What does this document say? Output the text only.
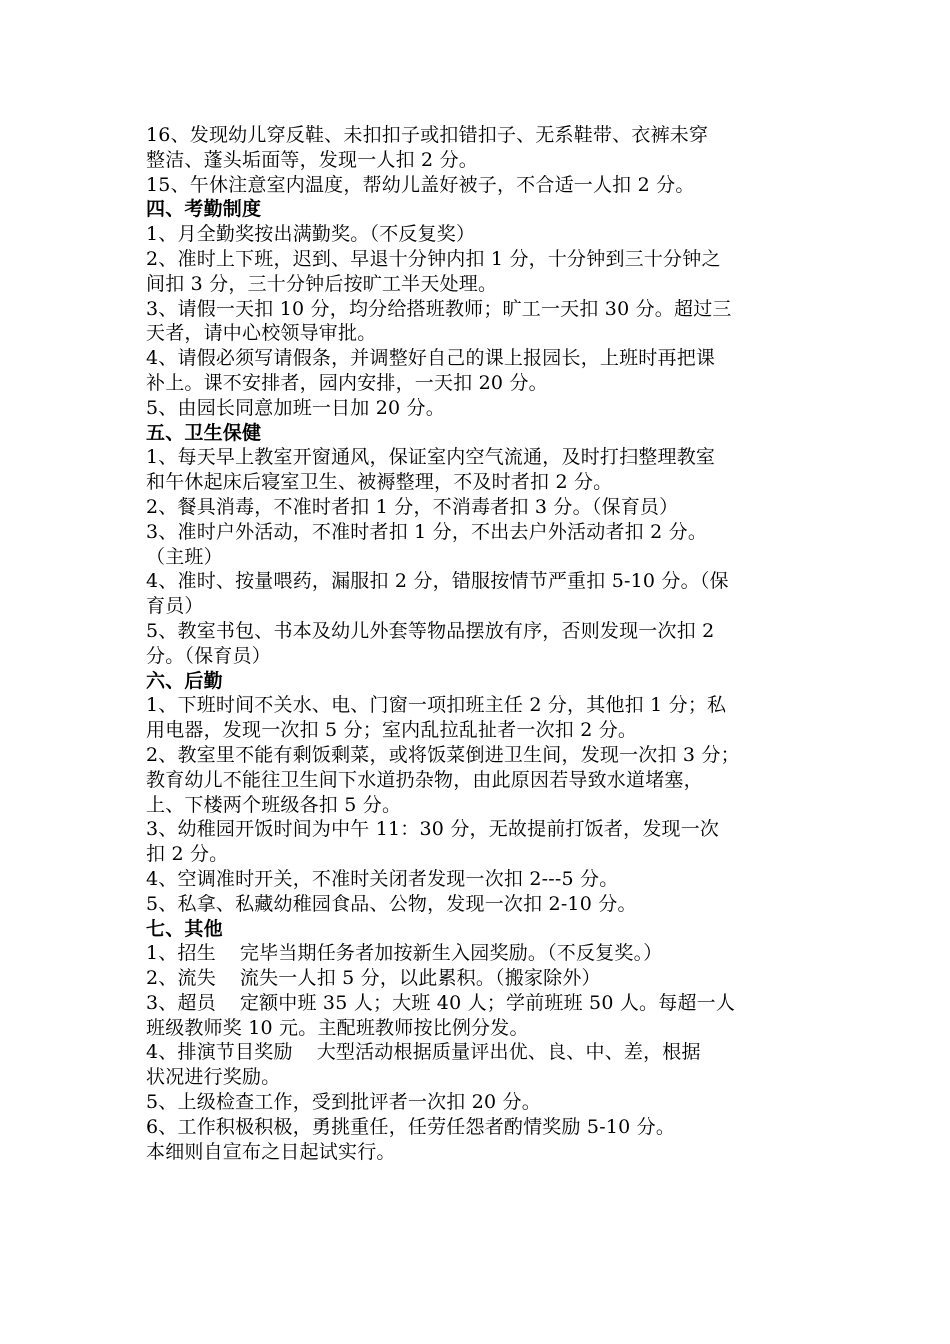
16、发现幼儿穿反鞋、未扣扣子或扣错扣子、无系鞋带、衣裤未穿
整洁、蓬头垢面等，发现一人扣 2 分。
15、午休注意室内温度，帮幼儿盖好被子，不合适一人扣 2 分。
四、考勤制度
1、月全勤奖按出满勤奖。（不反复奖）
2、准时上下班，迟到、早退十分钟内扣 1 分，十分钟到三十分钟之
间扣 3 分，三十分钟后按旷工半天处理。
3、请假一天扣 10 分，均分给搭班教师；旷工一天扣 30 分。超过三
天者，请中心校领导审批。
4、请假必须写请假条，并调整好自己的课上报园长，上班时再把课
补上。课不安排者，园内安排，一天扣 20 分。
5、由园长同意加班一日加 20 分。
五、卫生保健
1、每天早上教室开窗通风，保证室内空气流通，及时打扫整理教室
和午休起床后寝室卫生、被褥整理，不及时者扣 2 分。
2、餐具消毒，不准时者扣 1 分，不消毒者扣 3 分。（保育员）
3、准时户外活动，不准时者扣 1 分，不出去户外活动者扣 2 分。
（主班）
4、准时、按量喂药，漏服扣 2 分，错服按情节严重扣 5-10 分。（保
育员）
5、教室书包、书本及幼儿外套等物品摆放有序，否则发现一次扣 2
分。（保育员）
六、后勤
1、下班时间不关水、电、门窗一项扣班主任 2 分，其他扣 1 分；私
用电器，发现一次扣 5 分；室内乱拉乱扯者一次扣 2 分。
2、教室里不能有剩饭剩菜，或将饭菜倒进卫生间，发现一次扣 3 分；
教育幼儿不能往卫生间下水道扔杂物，由此原因若导致水道堵塞，
上、下楼两个班级各扣 5 分。
3、幼稚园开饭时间为中午 11：30 分，无故提前打饭者，发现一次
扣 2 分。
4、空调准时开关，不准时关闭者发现一次扣 2---5 分。
5、私拿、私藏幼稚园食品、公物，发现一次扣 2-10 分。
七、其他
1、招生 完毕当期任务者加按新生入园奖励。（不反复奖。）
2、流失 流失一人扣 5 分，以此累积。（搬家除外）
3、超员 定额中班 35 人；大班 40 人；学前班班 50 人。每超一人
班级教师奖 10 元。主配班教师按比例分发。
4、排演节目奖励 大型活动根据质量评出优、良、中、差，根据
状况进行奖励。
5、上级检查工作，受到批评者一次扣 20 分。
6、工作积极积极，勇挑重任，任劳任怨者酌情奖励 5-10 分。
本细则自宣布之日起试实行。
